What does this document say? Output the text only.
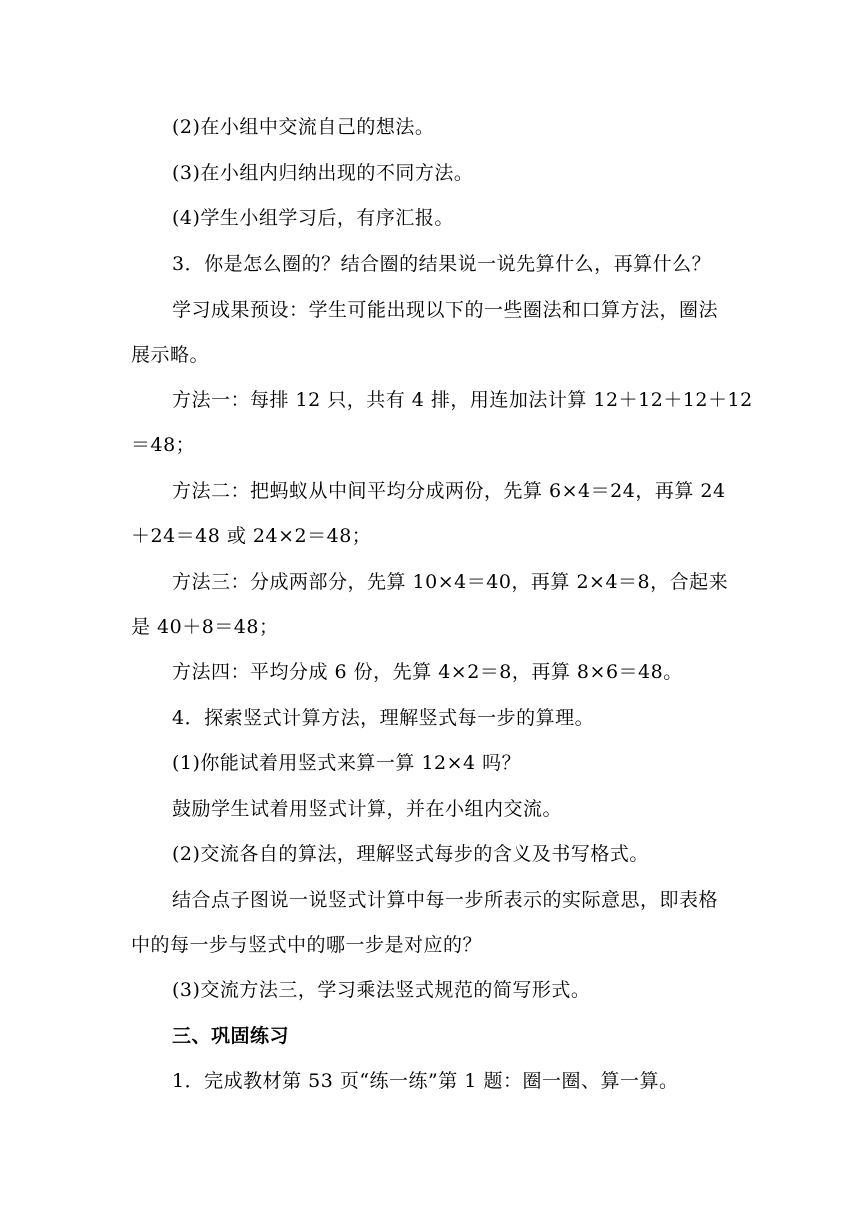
(2)在小组中交流自己的想法。
(3)在小组内归纳出现的不同方法。
(4)学生小组学习后，有序汇报。
3．你是怎么圈的？结合圈的结果说一说先算什么，再算什么？
学习成果预设：学生可能出现以下的一些圈法和口算方法，圈法
展示略。
方法一：每排 12 只，共有 4 排，用连加法计算 12＋12＋12＋12
＝48；
方法二：把蚂蚁从中间平均分成两份，先算 6×4＝24，再算 24
＋24＝48 或 24×2＝48；
方法三：分成两部分，先算 10×4＝40，再算 2×4＝8，合起来
是 40＋8＝48；
方法四：平均分成 6 份，先算 4×2＝8，再算 8×6＝48。
4．探索竖式计算方法，理解竖式每一步的算理。
(1)你能试着用竖式来算一算 12×4 吗？
鼓励学生试着用竖式计算，并在小组内交流。
(2)交流各自的算法，理解竖式每步的含义及书写格式。
结合点子图说一说竖式计算中每一步所表示的实际意思，即表格
中的每一步与竖式中的哪一步是对应的？
(3)交流方法三，学习乘法竖式规范的简写形式。
三、巩固练习
1．完成教材第 53 页“练一练”第 1 题：圈一圈、算一算。
